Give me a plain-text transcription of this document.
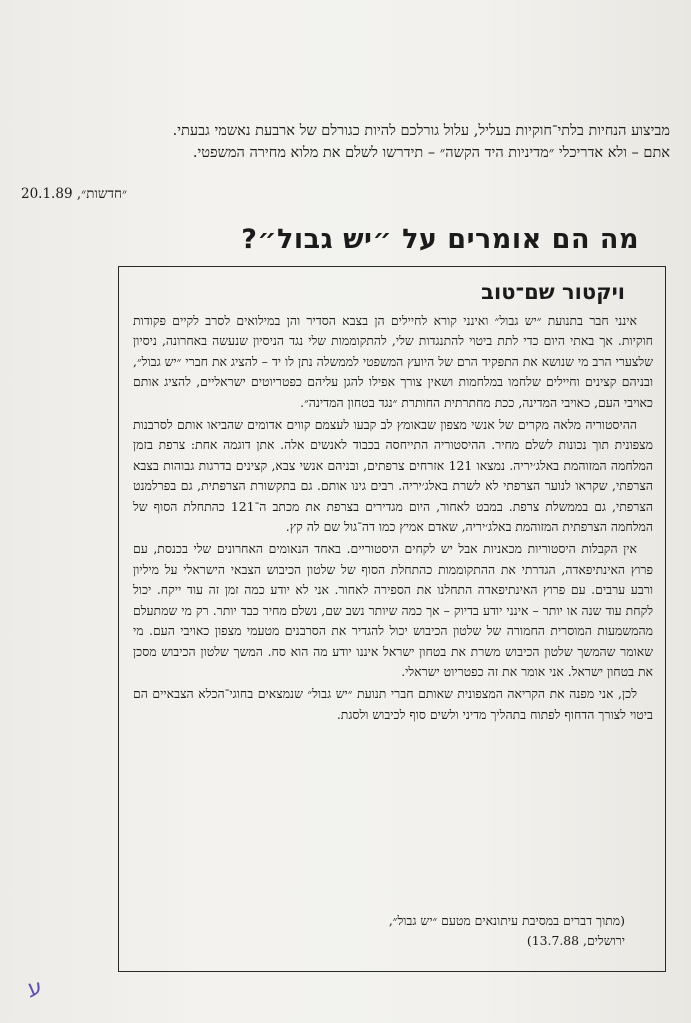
מביצוע הנחיות בלתי־חוקיות בעליל, עלול גורלכם להיות כגורלם של ארבעת נאשמי גבעתי. אתם – ולא אדריכלי ״מדיניות היד הקשה״ – תידרשו לשלם את מלוא מחירה המשפטי.

״חדשות״, 20.1.89
מה הם אומרים על ״יש גבול״?
ויקטור שם־טוב

אינני חבר בתנועת ״יש גבול״ ואינני קורא לחיילים הן בצבא הסדיר והן במילואים לסרב לקיים פקודות חוקיות. אך באתי היום כדי לתת ביטוי להתנגדות שלי, להתקוממות שלי נגד הניסיון שנעשה באחרונה, ניסיון שלצערי הרב מי שנושא את התפקיד הרם של היועץ המשפטי לממשלה נתן לו יד – להציג את חברי ״יש גבול״, ובניהם קצינים וחיילים שלחמו במלחמות ושאין צורך אפילו להגן עליהם כפטריוטים ישראליים, להציג אותם כאויבי העם, כאויבי המדינה, ככת מחתרתית החותרת ״נגד בטחון המדינה״.

ההיסטוריה מלאה מקרים של אנשי מצפון שבאומץ לב קבעו לעצמם קווים אדומים שהביאו אותם לסרבנות מצפונית תוך נכונות לשלם מחיר. ההיסטוריה התייחסה בכבוד לאנשים אלה. אתן דוגמה אחת: צרפת בזמן המלחמה המזוהמת באלג׳יריה. נמצאו 121 אזרחים צרפתים, ובניהם אנשי צבא, קצינים בדרגות גבוהות בצבא הצרפתי, שקראו לנוער הצרפתי לא לשרת באלג׳יריה. רבים גינו אותם. גם בתקשורת הצרפתית, גם בפרלמנט הצרפתי, גם בממשלת צרפת. במבט לאחור, היום מגדירים בצרפת את מכתב ה־121 כהתחלת הסוף של המלחמה הצרפתית המזוהמת באלג׳יריה, שאדם אמיץ כמו דה־גול שם לה קץ.

אין הקבלות היסטוריות מכאניות אבל יש לקחים היסטוריים. באחד הנאומים האחרונים שלי בכנסת, עם פרוץ האינתיפאדה, הגדרתי את ההתקוממות כהתחלת הסוף של שלטון הכיבוש הצבאי הישראלי על מיליון ורבע ערבים. עם פרוץ האינתיפאדה התחלנו את הספירה לאחור. אני לא יודע כמה זמן זה עוד ייקח. יכול לקחת עוד שנה או יותר – אינני יודע בדיוק – אך כמה שיותר נשב שם, נשלם מחיר כבד יותר. רק מי שמתעלם מהמשמעות המוסרית החמורה של שלטון הכיבוש יכול להגדיר את הסרבנים מטעמי מצפון כאויבי העם. מי שאומר שהמשך שלטון הכיבוש משרת את בטחון ישראל איננו יודע מה הוא סח. המשך שלטון הכיבוש מסכן את בטחון ישראל. אני אומר את זה כפטריוט ישראלי.

לכן, אני מפנה את הקריאה המצפונית שאותם חברי תנועת ״יש גבול״ שנמצאים בחוגי־הכלא הצבאיים הם ביטוי לצורך הדחוף לפתוח בתהליך מדיני ולשים סוף לכיבוש ולסגת.

(מתוך דברים במסיבת עיתונאים מטעם ״יש גבול״,
ירושלים, 13.7.88)
ע
